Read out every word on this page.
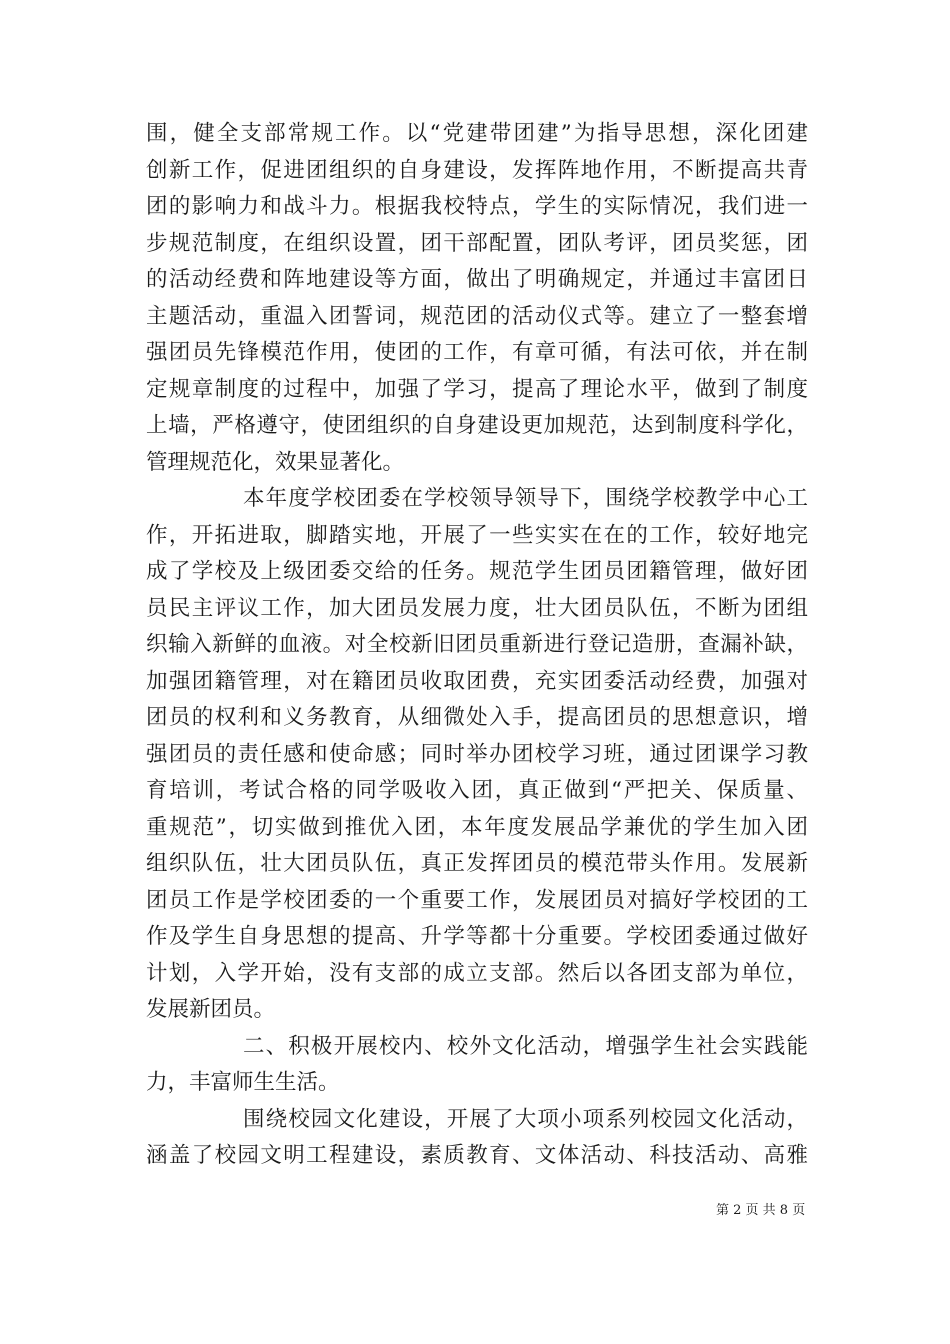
围，健全支部常规工作。以“党建带团建”为指导思想，深化团建
创新工作，促进团组织的自身建设，发挥阵地作用，不断提高共青
团的影响力和战斗力。根据我校特点，学生的实际情况，我们进一
步规范制度，在组织设置，团干部配置，团队考评，团员奖惩，团
的活动经费和阵地建设等方面，做出了明确规定，并通过丰富团日
主题活动，重温入团誓词，规范团的活动仪式等。建立了一整套增
强团员先锋模范作用，使团的工作，有章可循，有法可依，并在制
定规章制度的过程中，加强了学习，提高了理论水平，做到了制度
上墙，严格遵守，使团组织的自身建设更加规范，达到制度科学化，
管理规范化，效果显著化。
本年度学校团委在学校领导领导下，围绕学校教学中心工
作，开拓进取，脚踏实地，开展了一些实实在在的工作，较好地完
成了学校及上级团委交给的任务。规范学生团员团籍管理，做好团
员民主评议工作，加大团员发展力度，壮大团员队伍，不断为团组
织输入新鲜的血液。对全校新旧团员重新进行登记造册，查漏补缺，
加强团籍管理，对在籍团员收取团费，充实团委活动经费，加强对
团员的权利和义务教育，从细微处入手，提高团员的思想意识，增
强团员的责任感和使命感；同时举办团校学习班，通过团课学习教
育培训，考试合格的同学吸收入团，真正做到“严把关、保质量、
重规范”，切实做到推优入团，本年度发展品学兼优的学生加入团
组织队伍，壮大团员队伍，真正发挥团员的模范带头作用。发展新
团员工作是学校团委的一个重要工作，发展团员对搞好学校团的工
作及学生自身思想的提高、升学等都十分重要。学校团委通过做好
计划，入学开始，没有支部的成立支部。然后以各团支部为单位，
发展新团员。
二、积极开展校内、校外文化活动，增强学生社会实践能
力，丰富师生生活。
围绕校园文化建设，开展了大项小项系列校园文化活动，
涵盖了校园文明工程建设，素质教育、文体活动、科技活动、高雅
第 2 页 共 8 页
